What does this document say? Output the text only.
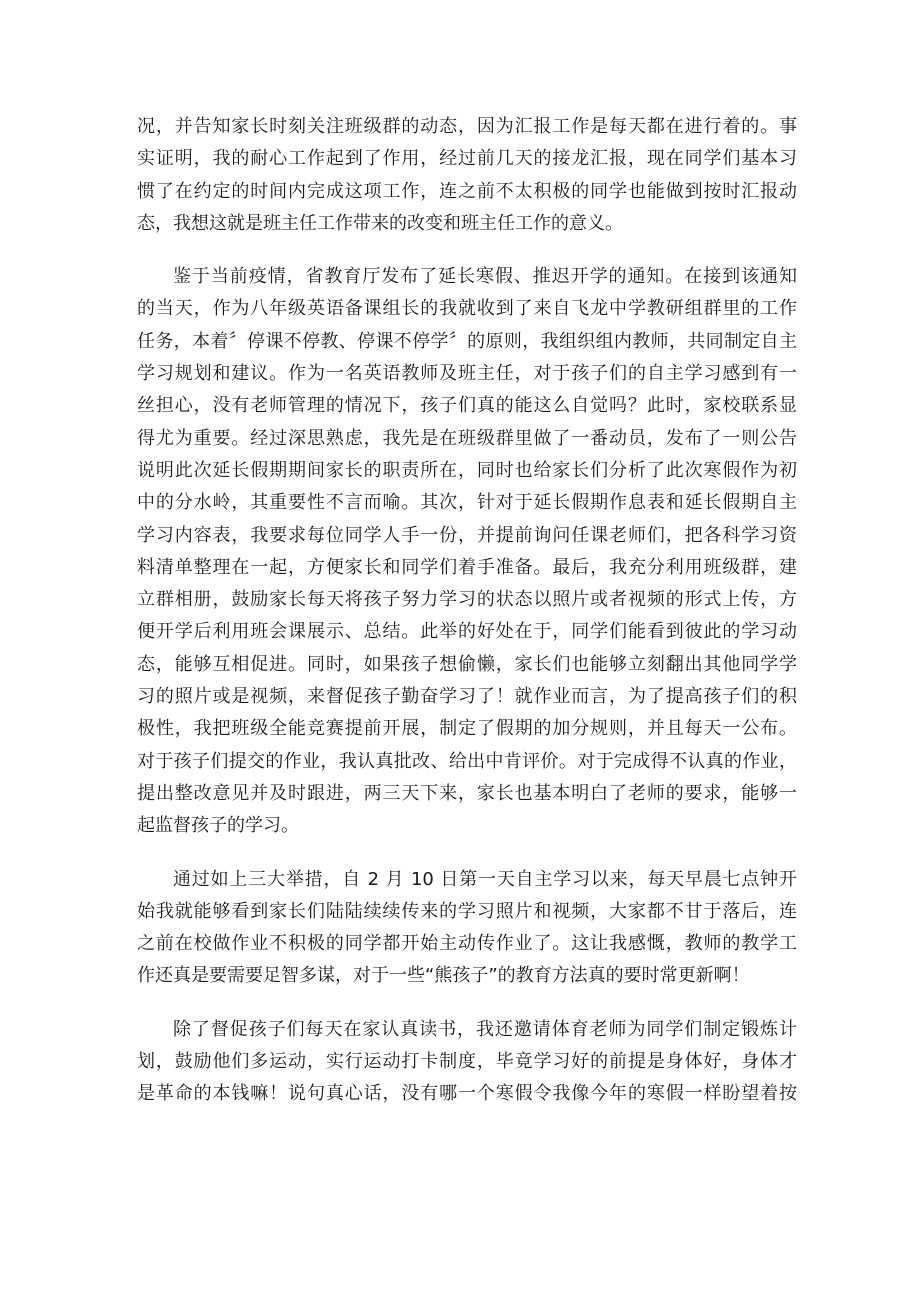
况，并告知家长时刻关注班级群的动态，因为汇报工作是每天都在进行着的。事
实证明，我的耐心工作起到了作用，经过前几天的接龙汇报，现在同学们基本习
惯了在约定的时间内完成这项工作，连之前不太积极的同学也能做到按时汇报动
态，我想这就是班主任工作带来的改变和班主任工作的意义。
鉴于当前疫情，省教育厅发布了延长寒假、推迟开学的通知。在接到该通知
的当天，作为八年级英语备课组长的我就收到了来自飞龙中学教研组群里的工作
任务，本着〞停课不停教、停课不停学〞的原则，我组织组内教师，共同制定自主
学习规划和建议。作为一名英语教师及班主任，对于孩子们的自主学习感到有一
丝担心，没有老师管理的情况下，孩子们真的能这么自觉吗？此时，家校联系显
得尤为重要。经过深思熟虑，我先是在班级群里做了一番动员，发布了一则公告
说明此次延长假期期间家长的职责所在，同时也给家长们分析了此次寒假作为初
中的分水岭，其重要性不言而喻。其次，针对于延长假期作息表和延长假期自主
学习内容表，我要求每位同学人手一份，并提前询问任课老师们，把各科学习资
料清单整理在一起，方便家长和同学们着手准备。最后，我充分利用班级群，建
立群相册，鼓励家长每天将孩子努力学习的状态以照片或者视频的形式上传，方
便开学后利用班会课展示、总结。此举的好处在于，同学们能看到彼此的学习动
态，能够互相促进。同时，如果孩子想偷懒，家长们也能够立刻翻出其他同学学
习的照片或是视频，来督促孩子勤奋学习了！就作业而言，为了提高孩子们的积
极性，我把班级全能竞赛提前开展，制定了假期的加分规则，并且每天一公布。
对于孩子们提交的作业，我认真批改、给出中肯评价。对于完成得不认真的作业，
提出整改意见并及时跟进，两三天下来，家长也基本明白了老师的要求，能够一
起监督孩子的学习。
通过如上三大举措，自 2 月 10 日第一天自主学习以来，每天早晨七点钟开
始我就能够看到家长们陆陆续续传来的学习照片和视频，大家都不甘于落后，连
之前在校做作业不积极的同学都开始主动传作业了。这让我感慨，教师的教学工
作还真是要需要足智多谋，对于一些“熊孩子”的教育方法真的要时常更新啊！
除了督促孩子们每天在家认真读书，我还邀请体育老师为同学们制定锻炼计
划，鼓励他们多运动，实行运动打卡制度，毕竟学习好的前提是身体好，身体才
是革命的本钱嘛！说句真心话，没有哪一个寒假令我像今年的寒假一样盼望着按
